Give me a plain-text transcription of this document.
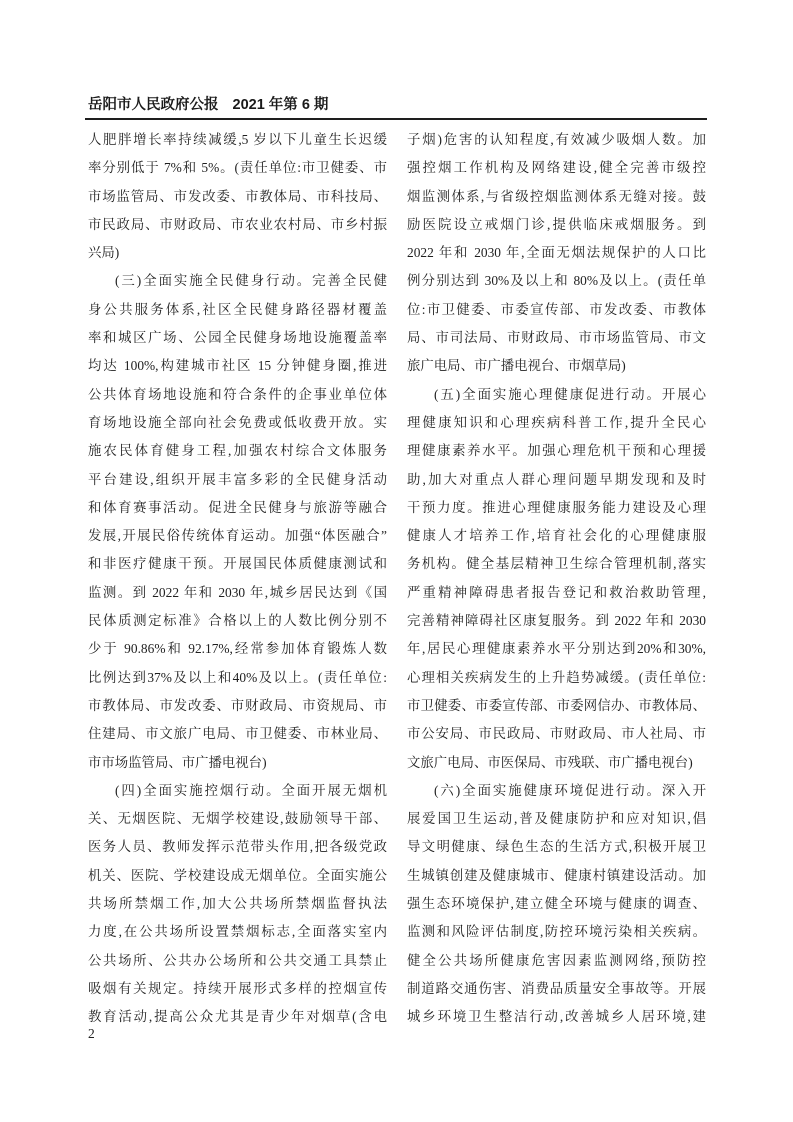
岳阳市人民政府公报 2021 年第 6 期
人肥胖增长率持续减缓,5 岁以下儿童生长迟缓
率分别低于 7%和 5%。(责任单位:市卫健委、市
市场监管局、市发改委、市教体局、市科技局、
市民政局、市财政局、市农业农村局、市乡村振
兴局)
(三)全面实施全民健身行动。完善全民健
身公共服务体系,社区全民健身路径器材覆盖
率和城区广场、公园全民健身场地设施覆盖率
均达 100%,构建城市社区 15 分钟健身圈,推进
公共体育场地设施和符合条件的企事业单位体
育场地设施全部向社会免费或低收费开放。实
施农民体育健身工程,加强农村综合文体服务
平台建设,组织开展丰富多彩的全民健身活动
和体育赛事活动。促进全民健身与旅游等融合
发展,开展民俗传统体育运动。加强“体医融合”
和非医疗健康干预。开展国民体质健康测试和
监测。到 2022 年和 2030 年,城乡居民达到《国
民体质测定标准》合格以上的人数比例分别不
少于 90.86%和 92.17%,经常参加体育锻炼人数
比例达到37%及以上和40%及以上。(责任单位:
市教体局、市发改委、市财政局、市资规局、市
住建局、市文旅广电局、市卫健委、市林业局、
市市场监管局、市广播电视台)
(四)全面实施控烟行动。全面开展无烟机
关、无烟医院、无烟学校建设,鼓励领导干部、
医务人员、教师发挥示范带头作用,把各级党政
机关、医院、学校建设成无烟单位。全面实施公
共场所禁烟工作,加大公共场所禁烟监督执法
力度,在公共场所设置禁烟标志,全面落实室内
公共场所、公共办公场所和公共交通工具禁止
吸烟有关规定。持续开展形式多样的控烟宣传
教育活动,提高公众尤其是青少年对烟草(含电
子烟)危害的认知程度,有效减少吸烟人数。加
强控烟工作机构及网络建设,健全完善市级控
烟监测体系,与省级控烟监测体系无缝对接。鼓
励医院设立戒烟门诊,提供临床戒烟服务。到
2022 年和 2030 年,全面无烟法规保护的人口比
例分别达到 30%及以上和 80%及以上。(责任单
位:市卫健委、市委宣传部、市发改委、市教体
局、市司法局、市财政局、市市场监管局、市文
旅广电局、市广播电视台、市烟草局)
(五)全面实施心理健康促进行动。开展心
理健康知识和心理疾病科普工作,提升全民心
理健康素养水平。加强心理危机干预和心理援
助,加大对重点人群心理问题早期发现和及时
干预力度。推进心理健康服务能力建设及心理
健康人才培养工作,培育社会化的心理健康服
务机构。健全基层精神卫生综合管理机制,落实
严重精神障碍患者报告登记和救治救助管理,
完善精神障碍社区康复服务。到 2022 年和 2030
年,居民心理健康素养水平分别达到20%和30%,
心理相关疾病发生的上升趋势减缓。(责任单位:
市卫健委、市委宣传部、市委网信办、市教体局、
市公安局、市民政局、市财政局、市人社局、市
文旅广电局、市医保局、市残联、市广播电视台)
(六)全面实施健康环境促进行动。深入开
展爱国卫生运动,普及健康防护和应对知识,倡
导文明健康、绿色生态的生活方式,积极开展卫
生城镇创建及健康城市、健康村镇建设活动。加
强生态环境保护,建立健全环境与健康的调查、
监测和风险评估制度,防控环境污染相关疾病。
健全公共场所健康危害因素监测网络,预防控
制道路交通伤害、消费品质量安全事故等。开展
城乡环境卫生整洁行动,改善城乡人居环境,建
2
